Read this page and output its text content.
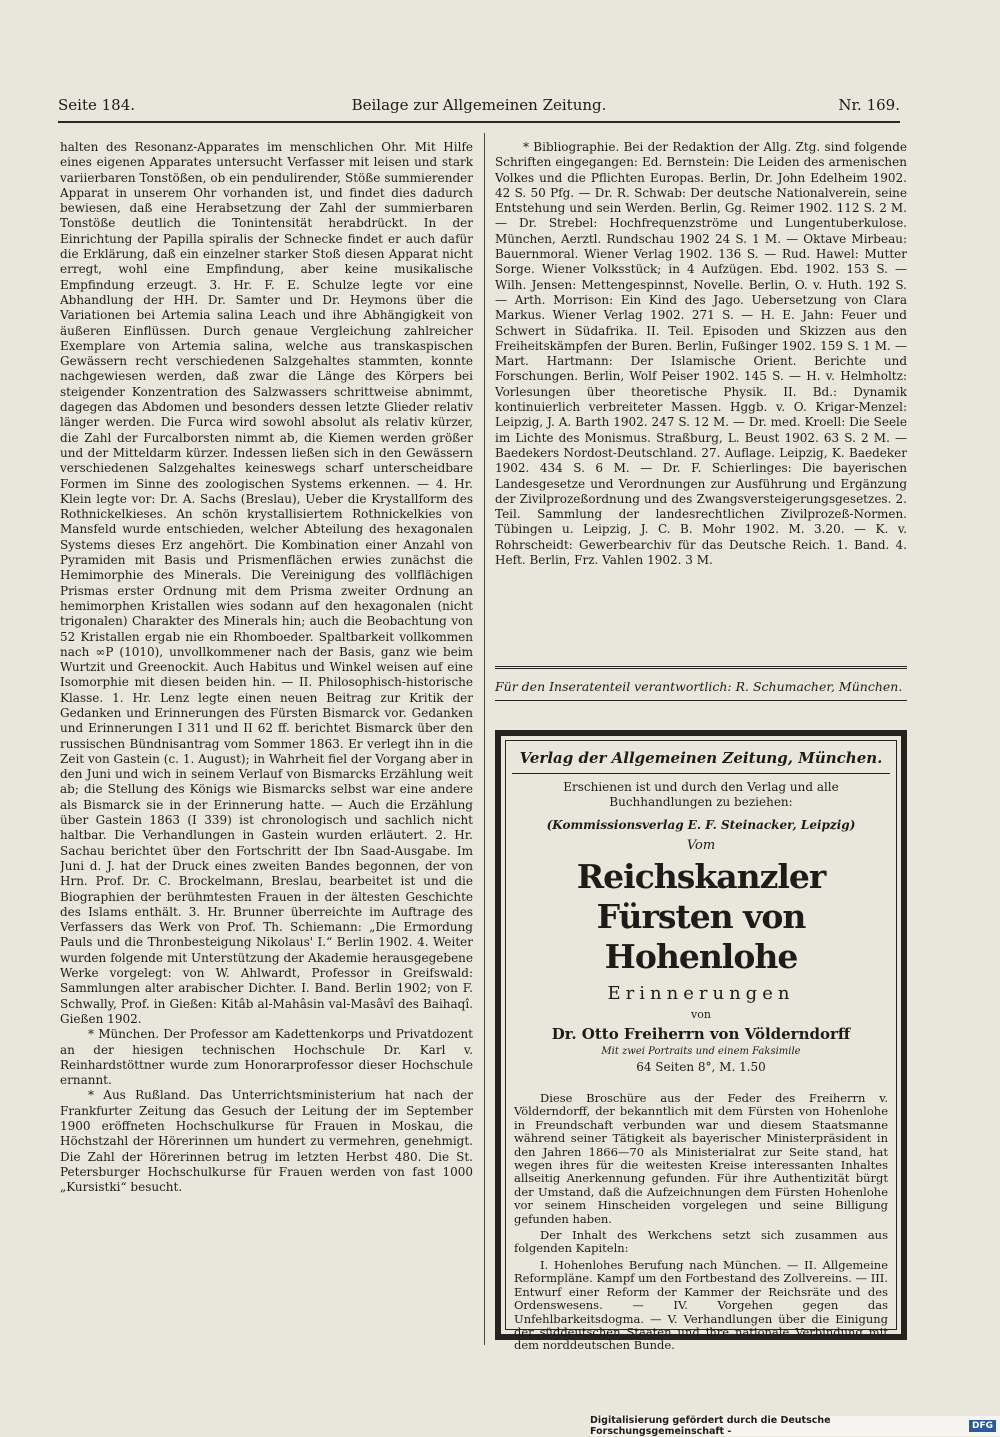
Seite 184.	Beilage zur Allgemeinen Zeitung.	Nr. 169.

halten des Resonanz-Apparates im menschlichen Ohr. Mit Hilfe eines eigenen Apparates untersucht Verfasser mit leisen und stark variierbaren Tonstößen, ob ein pendulirender, Stöße summierender Apparat in unserem Ohr vorhanden ist, und findet dies dadurch bewiesen, daß eine Herabsetzung der Zahl der summierbaren Tonstöße deutlich die Tonintensität herabdrückt. In der Einrichtung der Papilla spiralis der Schnecke findet er auch dafür die Erklärung, daß ein einzelner starker Stoß diesen Apparat nicht erregt, wohl eine Empfindung, aber keine musikalische Empfindung erzeugt. 3. Hr. F. E. Schulze legte vor eine Abhandlung der HH. Dr. Samter und Dr. Heymons über die Variationen bei Artemia salina Leach und ihre Abhängigkeit von äußeren Einflüssen. Durch genaue Vergleichung zahlreicher Exemplare von Artemia salina, welche aus transkaspischen Gewässern recht verschiedenen Salzgehaltes stammten, konnte nachgewiesen werden, daß zwar die Länge des Körpers bei steigender Konzentration des Salzwassers schrittweise abnimmt, dagegen das Abdomen und besonders dessen letzte Glieder relativ länger werden. Die Furca wird sowohl absolut als relativ kürzer, die Zahl der Furcalborsten nimmt ab, die Kiemen werden größer und der Mitteldarm kürzer. Indessen ließen sich in den Gewässern verschiedenen Salzgehaltes keineswegs scharf unterscheidbare Formen im Sinne des zoologischen Systems erkennen. — 4. Hr. Klein legte vor: Dr. A. Sachs (Breslau), Ueber die Krystallform des Rothnickelkieses. An schön krystallisiertem Rothnickelkies von Mansfeld wurde entschieden, welcher Abteilung des hexagonalen Systems dieses Erz angehört. Die Kombination einer Anzahl von Pyramiden mit Basis und Prismenflächen erwies zunächst die Hemimorphie des Minerals. Die Vereinigung des vollflächigen Prismas erster Ordnung mit dem Prisma zweiter Ordnung an hemimorphen Kristallen wies sodann auf den hexagonalen (nicht trigonalen) Charakter des Minerals hin; auch die Beobachtung von 52 Kristallen ergab nie ein Rhomboeder. Spaltbarkeit vollkommen nach ∞P (1010), unvollkommener nach der Basis, ganz wie beim Wurtzit und Greenockit. Auch Habitus und Winkel weisen auf eine Isomorphie mit diesen beiden hin. — II. Philosophisch-historische Klasse. 1. Hr. Lenz legte einen neuen Beitrag zur Kritik der Gedanken und Erinnerungen des Fürsten Bismarck vor. Gedanken und Erinnerungen I 311 und II 62 ff. berichtet Bismarck über den russischen Bündnisantrag vom Sommer 1863. Er verlegt ihn in die Zeit von Gastein (c. 1. August); in Wahrheit fiel der Vorgang aber in den Juni und wich in seinem Verlauf von Bismarcks Erzählung weit ab; die Stellung des Königs wie Bismarcks selbst war eine andere als Bismarck sie in der Erinnerung hatte. — Auch die Erzählung über Gastein 1863 (I 339) ist chronologisch und sachlich nicht haltbar. Die Verhandlungen in Gastein wurden erläutert. 2. Hr. Sachau berichtet über den Fortschritt der Ibn Saad-Ausgabe. Im Juni d. J. hat der Druck eines zweiten Bandes begonnen, der von Hrn. Prof. Dr. C. Brockelmann, Breslau, bearbeitet ist und die Biographien der berühmtesten Frauen in der ältesten Geschichte des Islams enthält. 3. Hr. Brunner überreichte im Auftrage des Verfassers das Werk von Prof. Th. Schiemann: „Die Ermordung Pauls und die Thronbesteigung Nikolaus' I.“ Berlin 1902. 4. Weiter wurden folgende mit Unterstützung der Akademie herausgegebene Werke vorgelegt: von W. Ahlwardt, Professor in Greifswald: Sammlungen alter arabischer Dichter. I. Band. Berlin 1902; von F. Schwally, Prof. in Gießen: Kitâb al-Mahâsin val-Masâvî des Baihaqî. Gießen 1902.

* München. Der Professor am Kadettenkorps und Privatdozent an der hiesigen technischen Hochschule Dr. Karl v. Reinhardstöttner wurde zum Honorarprofessor dieser Hochschule ernannt.

* Aus Rußland. Das Unterrichtsministerium hat nach der Frankfurter Zeitung das Gesuch der Leitung der im September 1900 eröffneten Hochschulkurse für Frauen in Moskau, die Höchstzahl der Hörerinnen um hundert zu vermehren, genehmigt. Die Zahl der Hörerinnen betrug im letzten Herbst 480. Die St. Petersburger Hochschulkurse für Frauen werden von fast 1000 „Kursistki“ besucht.

* Bibliographie. Bei der Redaktion der Allg. Ztg. sind folgende Schriften eingegangen: Ed. Bernstein: Die Leiden des armenischen Volkes und die Pflichten Europas. Berlin, Dr. John Edelheim 1902. 42 S. 50 Pfg. — Dr. R. Schwab: Der deutsche Nationalverein, seine Entstehung und sein Werden. Berlin, Gg. Reimer 1902. 112 S. 2 M. — Dr. Strebel: Hochfrequenzströme und Lungentuberkulose. München, Aerztl. Rundschau 1902 24 S. 1 M. — Oktave Mirbeau: Bauernmoral. Wiener Verlag 1902. 136 S. — Rud. Hawel: Mutter Sorge. Wiener Volksstück; in 4 Aufzügen. Ebd. 1902. 153 S. — Wilh. Jensen: Mettengespinnst, Novelle. Berlin, O. v. Huth. 192 S. — Arth. Morrison: Ein Kind des Jago. Uebersetzung von Clara Markus. Wiener Verlag 1902. 271 S. — H. E. Jahn: Feuer und Schwert in Südafrika. II. Teil. Episoden und Skizzen aus den Freiheitskämpfen der Buren. Berlin, Fußinger 1902. 159 S. 1 M. — Mart. Hartmann: Der Islamische Orient. Berichte und Forschungen. Berlin, Wolf Peiser 1902. 145 S. — H. v. Helmholtz: Vorlesungen über theoretische Physik. II. Bd.: Dynamik kontinuierlich verbreiteter Massen. Hggb. v. O. Krigar-Menzel: Leipzig, J. A. Barth 1902. 247 S. 12 M. — Dr. med. Kroell: Die Seele im Lichte des Monismus. Straßburg, L. Beust 1902. 63 S. 2 M. — Baedekers Nordost-Deutschland. 27. Auflage. Leipzig, K. Baedeker 1902. 434 S. 6 M. — Dr. F. Schierlinges: Die bayerischen Landesgesetze und Verordnungen zur Ausführung und Ergänzung der Zivilprozeßordnung und des Zwangsversteigerungsgesetzes. 2. Teil. Sammlung der landesrechtlichen Zivilprozeß-Normen. Tübingen u. Leipzig, J. C. B. Mohr 1902. M. 3.20. — K. v. Rohrscheidt: Gewerbearchiv für das Deutsche Reich. 1. Band. 4. Heft. Berlin, Frz. Vahlen 1902. 3 M.

Für den Inseratenteil verantwortlich: R. Schumacher, München.
Verlag der Allgemeinen Zeitung, München.
Erschienen ist und durch den Verlag und alle Buchhandlungen zu beziehen:
(Kommissionsverlag E. F. Steinacker, Leipzig)
Vom
Reichskanzler Fürsten von Hohenlohe
Erinnerungen
von
Dr. Otto Freiherrn von Völderndorff
Mit zwei Portraits und einem Faksimile
64 Seiten 8°, M. 1.50

Diese Broschüre aus der Feder des Freiherrn v. Völderndorff, der bekanntlich mit dem Fürsten von Hohenlohe in Freundschaft verbunden war und diesem Staatsmanne während seiner Tätigkeit als bayerischer Ministerpräsident in den Jahren 1866—70 als Ministerialrat zur Seite stand, hat wegen ihres für die weitesten Kreise interessanten Inhaltes allseitig Anerkennung gefunden. Für ihre Authentizität bürgt der Umstand, daß die Aufzeichnungen dem Fürsten Hohenlohe vor seinem Hinscheiden vorgelegen und seine Billigung gefunden haben.

Der Inhalt des Werkchens setzt sich zusammen aus folgenden Kapiteln:

I. Hohenlohes Berufung nach München. — II. Allgemeine Reformpläne. Kampf um den Fortbestand des Zollvereins. — III. Entwurf einer Reform der Kammer der Reichsräte und des Ordenswesens. — IV. Vorgehen gegen das Unfehlbarkeitsdogma. — V. Verhandlungen über die Einigung der süddeutschen Staaten und ihre nationale Verbindung mit dem norddeutschen Bunde.

Digitalisierung gefördert durch die Deutsche Forschungsgemeinschaft -	DFG
